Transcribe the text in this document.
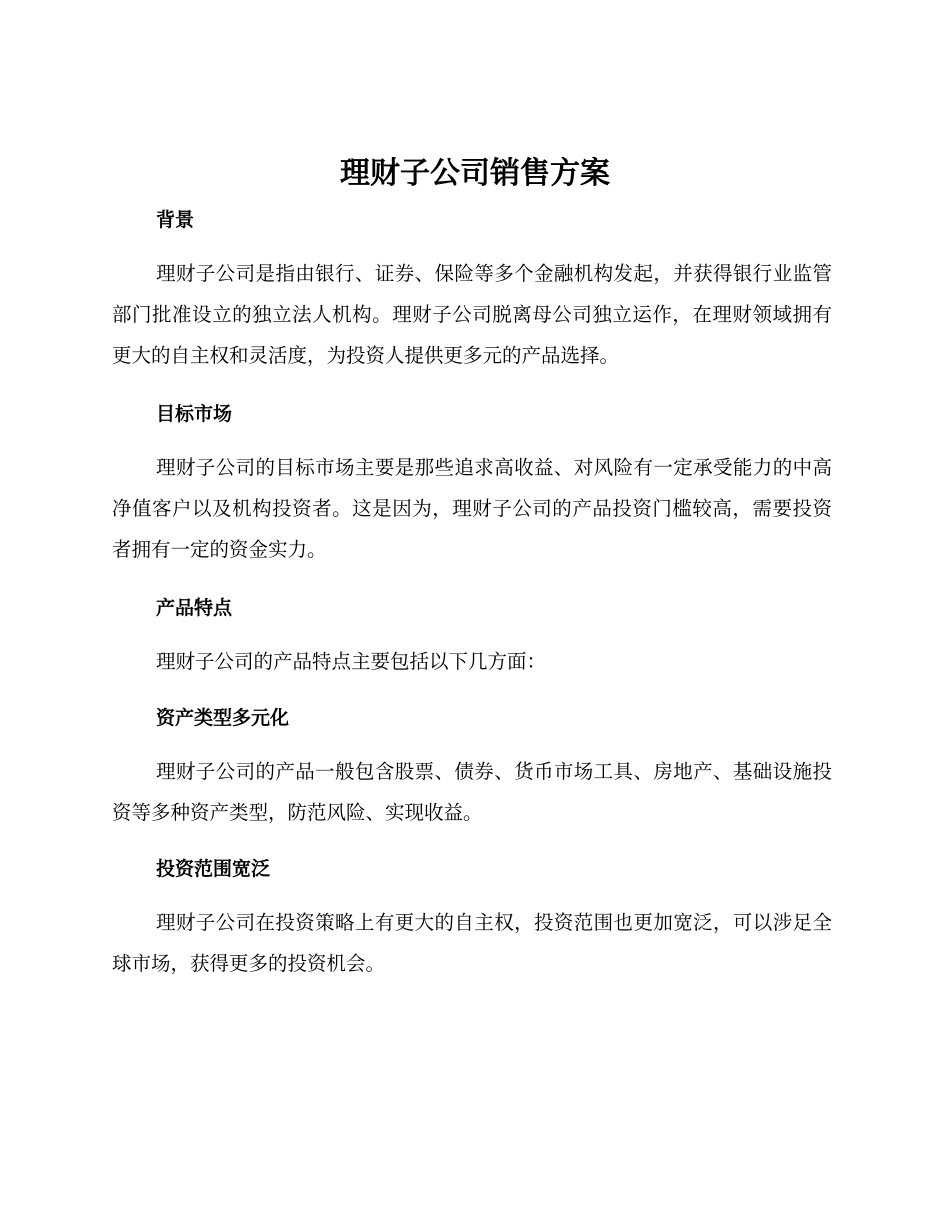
理财子公司销售方案
背景

理财子公司是指由银行、证券、保险等多个金融机构发起，并获得银行业监管部门批准设立的独立法人机构。理财子公司脱离母公司独立运作，在理财领域拥有更大的自主权和灵活度，为投资人提供更多元的产品选择。

目标市场

理财子公司的目标市场主要是那些追求高收益、对风险有一定承受能力的中高净值客户以及机构投资者。这是因为，理财子公司的产品投资门槛较高，需要投资者拥有一定的资金实力。

产品特点

理财子公司的产品特点主要包括以下几方面：

资产类型多元化

理财子公司的产品一般包含股票、债券、货币市场工具、房地产、基础设施投资等多种资产类型，防范风险、实现收益。

投资范围宽泛

理财子公司在投资策略上有更大的自主权，投资范围也更加宽泛，可以涉足全球市场，获得更多的投资机会。
